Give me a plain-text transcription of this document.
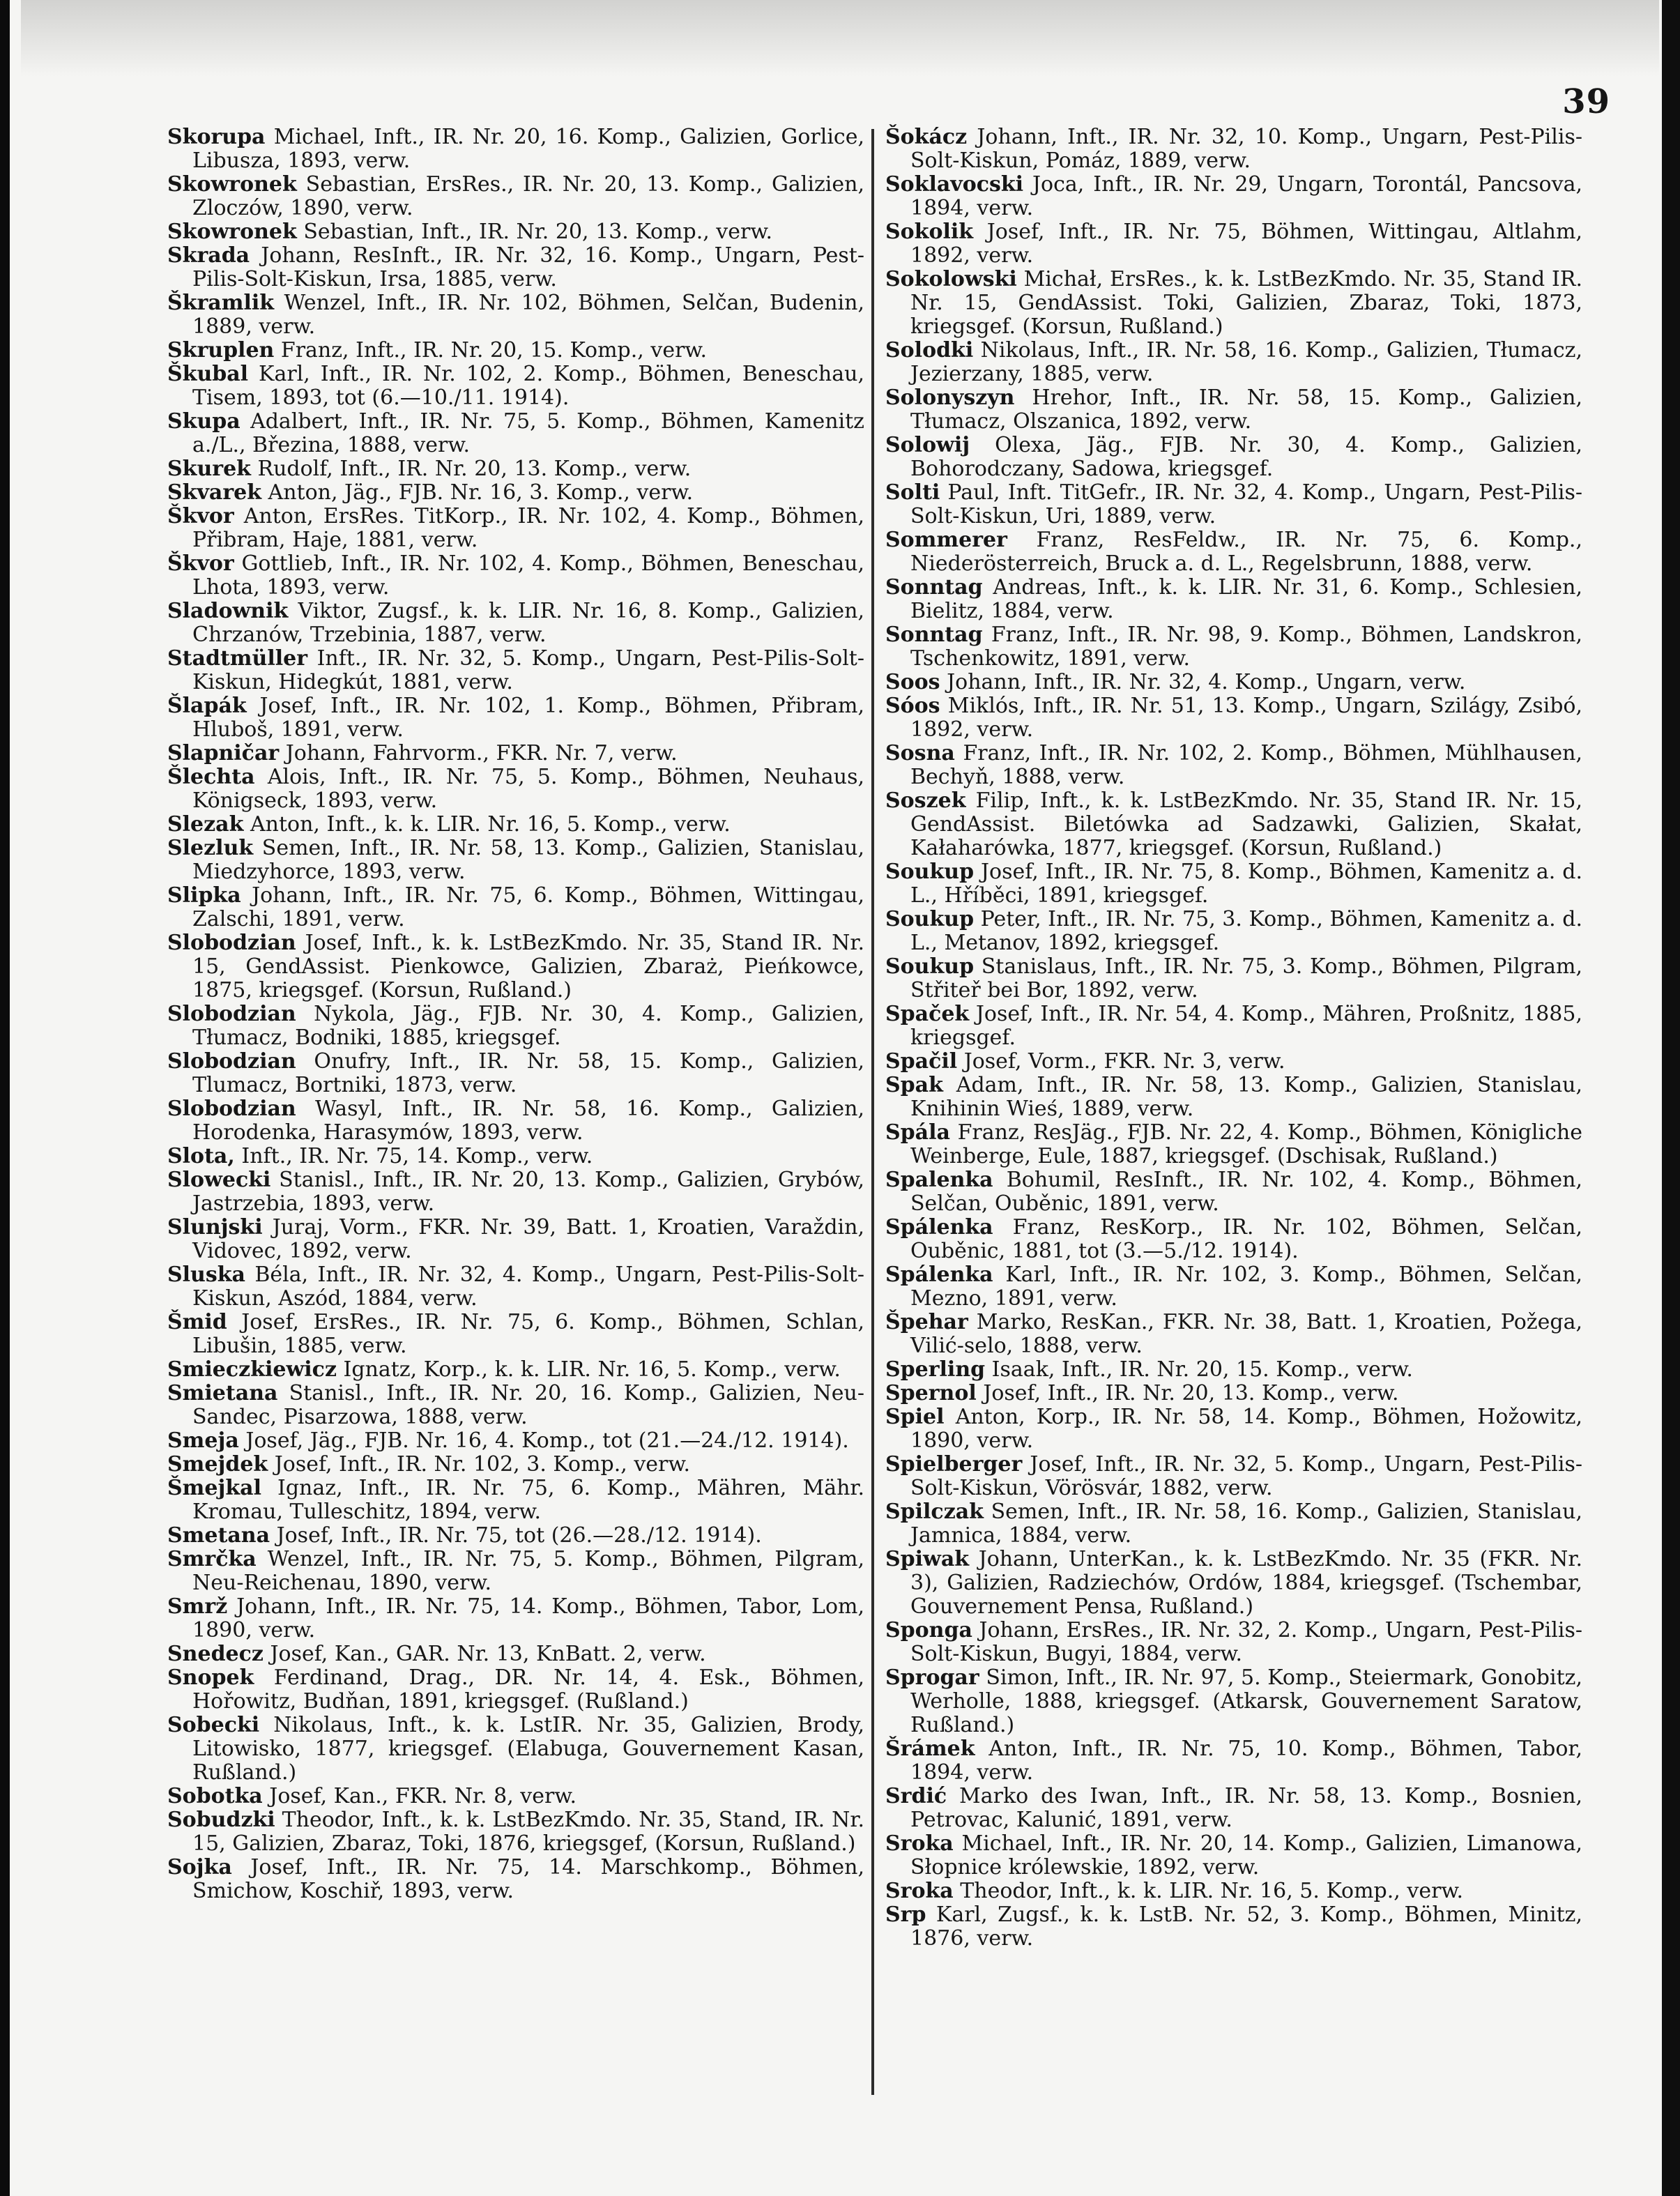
39

Skorupa Michael, Inft., IR. Nr. 20, 16. Komp., Galizien, Gorlice, Libusza, 1893, verw.

Skowronek Sebastian, ErsRes., IR. Nr. 20, 13. Komp., Galizien, Zloczów, 1890, verw.

Skowronek Sebastian, Inft., IR. Nr. 20, 13. Komp., verw.

Skrada Johann, ResInft., IR. Nr. 32, 16. Komp., Ungarn, Pest-Pilis-Solt-Kiskun, Irsa, 1885, verw.

Škramlik Wenzel, Inft., IR. Nr. 102, Böhmen, Selčan, Budenin, 1889, verw.

Skruplen Franz, Inft., IR. Nr. 20, 15. Komp., verw.

Škubal Karl, Inft., IR. Nr. 102, 2. Komp., Böhmen, Beneschau, Tisem, 1893, tot (6.—10./11. 1914).

Skupa Adalbert, Inft., IR. Nr. 75, 5. Komp., Böhmen, Kamenitz a./L., Březina, 1888, verw.

Skurek Rudolf, Inft., IR. Nr. 20, 13. Komp., verw.

Skvarek Anton, Jäg., FJB. Nr. 16, 3. Komp., verw.

Škvor Anton, ErsRes. TitKorp., IR. Nr. 102, 4. Komp., Böhmen, Přibram, Haje, 1881, verw.

Škvor Gottlieb, Inft., IR. Nr. 102, 4. Komp., Böhmen, Beneschau, Lhota, 1893, verw.

Sladownik Viktor, Zugsf., k. k. LIR. Nr. 16, 8. Komp., Galizien, Chrzanów, Trzebinia, 1887, verw.

Stadtmüller Inft., IR. Nr. 32, 5. Komp., Ungarn, Pest-Pilis-Solt-Kiskun, Hidegkút, 1881, verw.

Šlapák Josef, Inft., IR. Nr. 102, 1. Komp., Böhmen, Přibram, Hluboš, 1891, verw.

Slapničar Johann, Fahrvorm., FKR. Nr. 7, verw.

Šlechta Alois, Inft., IR. Nr. 75, 5. Komp., Böhmen, Neuhaus, Königseck, 1893, verw.

Slezak Anton, Inft., k. k. LIR. Nr. 16, 5. Komp., verw.

Slezluk Semen, Inft., IR. Nr. 58, 13. Komp., Galizien, Stanislau, Miedzyhorce, 1893, verw.

Slipka Johann, Inft., IR. Nr. 75, 6. Komp., Böhmen, Wittingau, Zalschi, 1891, verw.

Slobodzian Josef, Inft., k. k. LstBezKmdo. Nr. 35, Stand IR. Nr. 15, GendAssist. Pienkowce, Galizien, Zbaraż, Pieńkowce, 1875, kriegsgef. (Korsun, Rußland.)

Slobodzian Nykola, Jäg., FJB. Nr. 30, 4. Komp., Galizien, Tłumacz, Bodniki, 1885, kriegsgef.

Slobodzian Onufry, Inft., IR. Nr. 58, 15. Komp., Galizien, Tlumacz, Bortniki, 1873, verw.

Slobodzian Wasyl, Inft., IR. Nr. 58, 16. Komp., Galizien, Horodenka, Harasymów, 1893, verw.

Slota, Inft., IR. Nr. 75, 14. Komp., verw.

Slowecki Stanisl., Inft., IR. Nr. 20, 13. Komp., Galizien, Grybów, Jastrzebia, 1893, verw.

Slunjski Juraj, Vorm., FKR. Nr. 39, Batt. 1, Kroatien, Varaždin, Vidovec, 1892, verw.

Sluska Béla, Inft., IR. Nr. 32, 4. Komp., Ungarn, Pest-Pilis-Solt-Kiskun, Aszód, 1884, verw.

Šmid Josef, ErsRes., IR. Nr. 75, 6. Komp., Böhmen, Schlan, Libušin, 1885, verw.

Smieczkiewicz Ignatz, Korp., k. k. LIR. Nr. 16, 5. Komp., verw.

Smietana Stanisl., Inft., IR. Nr. 20, 16. Komp., Galizien, Neu-Sandec, Pisarzowa, 1888, verw.

Smeja Josef, Jäg., FJB. Nr. 16, 4. Komp., tot (21.—24./12. 1914).

Smejdek Josef, Inft., IR. Nr. 102, 3. Komp., verw.

Šmejkal Ignaz, Inft., IR. Nr. 75, 6. Komp., Mähren, Mähr. Kromau, Tulleschitz, 1894, verw.

Smetana Josef, Inft., IR. Nr. 75, tot (26.—28./12. 1914).

Smrčka Wenzel, Inft., IR. Nr. 75, 5. Komp., Böhmen, Pilgram, Neu-Reichenau, 1890, verw.

Smrž Johann, Inft., IR. Nr. 75, 14. Komp., Böhmen, Tabor, Lom, 1890, verw.

Snedecz Josef, Kan., GAR. Nr. 13, KnBatt. 2, verw.

Snopek Ferdinand, Drag., DR. Nr. 14, 4. Esk., Böhmen, Hořowitz, Budňan, 1891, kriegsgef. (Rußland.)

Sobecki Nikolaus, Inft., k. k. LstIR. Nr. 35, Galizien, Brody, Litowisko, 1877, kriegsgef. (Elabuga, Gouvernement Kasan, Rußland.)

Sobotka Josef, Kan., FKR. Nr. 8, verw.

Sobudzki Theodor, Inft., k. k. LstBezKmdo. Nr. 35, Stand, IR. Nr. 15, Galizien, Zbaraz, Toki, 1876, kriegsgef, (Korsun, Rußland.)

Sojka Josef, Inft., IR. Nr. 75, 14. Marschkomp., Böhmen, Smichow, Koschiř, 1893, verw.

Šokácz Johann, Inft., IR. Nr. 32, 10. Komp., Ungarn, Pest-Pilis-Solt-Kiskun, Pomáz, 1889, verw.

Soklavocski Joca, Inft., IR. Nr. 29, Ungarn, Torontál, Pancsova, 1894, verw.

Sokolik Josef, Inft., IR. Nr. 75, Böhmen, Wittingau, Altlahm, 1892, verw.

Sokolowski Michał, ErsRes., k. k. LstBezKmdo. Nr. 35, Stand IR. Nr. 15, GendAssist. Toki, Galizien, Zbaraz, Toki, 1873, kriegsgef. (Korsun, Rußland.)

Solodki Nikolaus, Inft., IR. Nr. 58, 16. Komp., Galizien, Tłumacz, Jezierzany, 1885, verw.

Solonyszyn Hrehor, Inft., IR. Nr. 58, 15. Komp., Galizien, Tłumacz, Olszanica, 1892, verw.

Solowij Olexa, Jäg., FJB. Nr. 30, 4. Komp., Galizien, Bohorodczany, Sadowa, kriegsgef.

Solti Paul, Inft. TitGefr., IR. Nr. 32, 4. Komp., Ungarn, Pest-Pilis-Solt-Kiskun, Uri, 1889, verw.

Sommerer Franz, ResFeldw., IR. Nr. 75, 6. Komp., Niederösterreich, Bruck a. d. L., Regelsbrunn, 1888, verw.

Sonntag Andreas, Inft., k. k. LIR. Nr. 31, 6. Komp., Schlesien, Bielitz, 1884, verw.

Sonntag Franz, Inft., IR. Nr. 98, 9. Komp., Böhmen, Landskron, Tschenkowitz, 1891, verw.

Soos Johann, Inft., IR. Nr. 32, 4. Komp., Ungarn, verw.

Sóos Miklós, Inft., IR. Nr. 51, 13. Komp., Ungarn, Szilágy, Zsibó, 1892, verw.

Sosna Franz, Inft., IR. Nr. 102, 2. Komp., Böhmen, Mühlhausen, Bechyň, 1888, verw.

Soszek Filip, Inft., k. k. LstBezKmdo. Nr. 35, Stand IR. Nr. 15, GendAssist. Biletówka ad Sadzawki, Galizien, Skałat, Kałaharówka, 1877, kriegsgef. (Korsun, Rußland.)

Soukup Josef, Inft., IR. Nr. 75, 8. Komp., Böhmen, Kamenitz a. d. L., Hříběci, 1891, kriegsgef.

Soukup Peter, Inft., IR. Nr. 75, 3. Komp., Böhmen, Kamenitz a. d. L., Metanov, 1892, kriegsgef.

Soukup Stanislaus, Inft., IR. Nr. 75, 3. Komp., Böhmen, Pilgram, Střiteř bei Bor, 1892, verw.

Spaček Josef, Inft., IR. Nr. 54, 4. Komp., Mähren, Proßnitz, 1885, kriegsgef.

Spačil Josef, Vorm., FKR. Nr. 3, verw.

Spak Adam, Inft., IR. Nr. 58, 13. Komp., Galizien, Stanislau, Knihinin Wieś, 1889, verw.

Spála Franz, ResJäg., FJB. Nr. 22, 4. Komp., Böhmen, Königliche Weinberge, Eule, 1887, kriegsgef. (Dschisak, Rußland.)

Spalenka Bohumil, ResInft., IR. Nr. 102, 4. Komp., Böhmen, Selčan, Ouběnic, 1891, verw.

Spálenka Franz, ResKorp., IR. Nr. 102, Böhmen, Selčan, Ouběnic, 1881, tot (3.—5./12. 1914).

Spálenka Karl, Inft., IR. Nr. 102, 3. Komp., Böhmen, Selčan, Mezno, 1891, verw.

Špehar Marko, ResKan., FKR. Nr. 38, Batt. 1, Kroatien, Požega, Vilić-selo, 1888, verw.

Sperling Isaak, Inft., IR. Nr. 20, 15. Komp., verw.

Spernol Josef, Inft., IR. Nr. 20, 13. Komp., verw.

Spiel Anton, Korp., IR. Nr. 58, 14. Komp., Böhmen, Hožowitz, 1890, verw.

Spielberger Josef, Inft., IR. Nr. 32, 5. Komp., Ungarn, Pest-Pilis-Solt-Kiskun, Vörösvár, 1882, verw.

Spilczak Semen, Inft., IR. Nr. 58, 16. Komp., Galizien, Stanislau, Jamnica, 1884, verw.

Spiwak Johann, UnterKan., k. k. LstBezKmdo. Nr. 35 (FKR. Nr. 3), Galizien, Radziechów, Ordów, 1884, kriegsgef. (Tschembar, Gouvernement Pensa, Rußland.)

Sponga Johann, ErsRes., IR. Nr. 32, 2. Komp., Ungarn, Pest-Pilis-Solt-Kiskun, Bugyi, 1884, verw.

Sprogar Simon, Inft., IR. Nr. 97, 5. Komp., Steiermark, Gonobitz, Werholle, 1888, kriegsgef. (Atkarsk, Gouvernement Saratow, Rußland.)

Šrámek Anton, Inft., IR. Nr. 75, 10. Komp., Böhmen, Tabor, 1894, verw.

Srdić Marko des Iwan, Inft., IR. Nr. 58, 13. Komp., Bosnien, Petrovac, Kalunić, 1891, verw.

Sroka Michael, Inft., IR. Nr. 20, 14. Komp., Galizien, Limanowa, Słopnice królewskie, 1892, verw.

Sroka Theodor, Inft., k. k. LIR. Nr. 16, 5. Komp., verw.

Srp Karl, Zugsf., k. k. LstB. Nr. 52, 3. Komp., Böhmen, Minitz, 1876, verw.
